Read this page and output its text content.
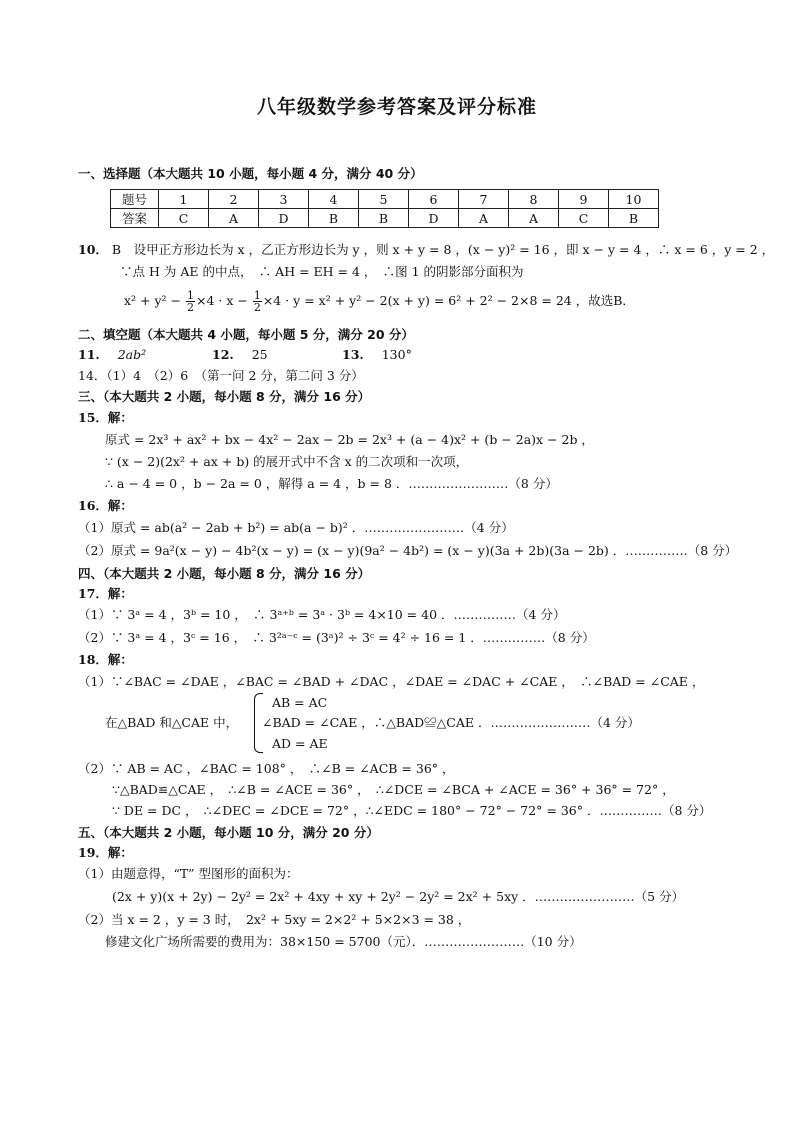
八年级数学参考答案及评分标准
一、选择题（本大题共 10 小题，每小题 4 分，满分 40 分）
题号	1	2	3	4	5	6	7	8	9	10
答案	C	A	D	B	B	D	A	A	C	B
10． B　设甲正方形边长为 x ，乙正方形边长为 y ，则 x + y = 8 ，(x − y)² = 16 ，即 x − y = 4 ，∴ x = 6 ，y = 2 ，
∵点 H 为 AE 的中点，　∴ AH = EH = 4 ，　∴图 1 的阴影部分面积为
$x^2 + y^2 - \frac{1}{2} \times 4 \cdot x - \frac{1}{2} \times 4 \cdot y = x^2 + y^2 - 2(x + y) = 6^2 + 2^2 - 2\times 8 = 24$ ，故选B．
二、填空题（本大题共 4 小题，每小题 5 分，满分 20 分）
11. 2ab²	12. 25	13. 130°
14．（1）4　（2）6　（第一问 2 分，第二问 3 分）
三、（本大题共 2 小题，每小题 8 分，满分 16 分）
15．解：
原式 = 2x³ + ax² + bx − 4x² − 2ax − 2b = 2x³ + (a − 4)x² + (b − 2a)x − 2b ，
∵ (x − 2)(2x² + ax + b) 的展开式中不含 x 的二次项和一次项，
∴ a − 4 = 0 ，b − 2a = 0 ，解得 a = 4 ，b = 8 ．……………………（8 分）
16．解：
（1）原式 = ab(a² − 2ab + b²) = ab(a − b)² ．……………………（4 分）
（2）原式 = 9a²(x − y) − 4b²(x − y) = (x − y)(9a² − 4b²) = (x − y)(3a + 2b)(3a − 2b) ．……………（8 分）
四、（本大题共 2 小题，每小题 8 分，满分 16 分）
17．解：
（1）∵ 3ᵃ = 4 ，3ᵇ = 10 ，　∴ 3ᵃ⁺ᵇ = 3ᵃ · 3ᵇ = 4×10 = 40 ．……………（4 分）
（2）∵ 3ᵃ = 4 ，3ᶜ = 16 ，　∴ 3²ᵃ⁻ᶜ = (3ᵃ)² ÷ 3ᶜ = 4² ÷ 16 = 1 ．……………（8 分）
18．解：
（1）∵∠BAC = ∠DAE ，∠BAC = ∠BAD + ∠DAC ，∠DAE = ∠DAC + ∠CAE ，　∴∠BAD = ∠CAE ，
AB = AC
在△BAD 和△CAE 中， ∠BAD = ∠CAE ，∴△BAD≌△CAE ．……………………（4 分）
AD = AE
（2）∵ AB = AC ，∠BAC = 108° ，　∴∠B = ∠ACB = 36° ，
∵△BAD≌△CAE ，　∴∠B = ∠ACE = 36° ，　∴∠DCE = ∠BCA + ∠ACE = 36° + 36° = 72° ，
∵ DE = DC ，　∴∠DEC = ∠DCE = 72° ，∴∠EDC = 180° − 72° − 72° = 36° ．……………（8 分）
五、（本大题共 2 小题，每小题 10 分，满分 20 分）
19．解：
（1）由题意得，“T” 型图形的面积为：
(2x + y)(x + 2y) − 2y² = 2x² + 4xy + xy + 2y² − 2y² = 2x² + 5xy ．……………………（5 分）
（2）当 x = 2 ，y = 3 时，　2x² + 5xy = 2×2² + 5×2×3 = 38 ，
修建文化广场所需要的费用为：38×150 = 5700（元）．……………………（10 分）
